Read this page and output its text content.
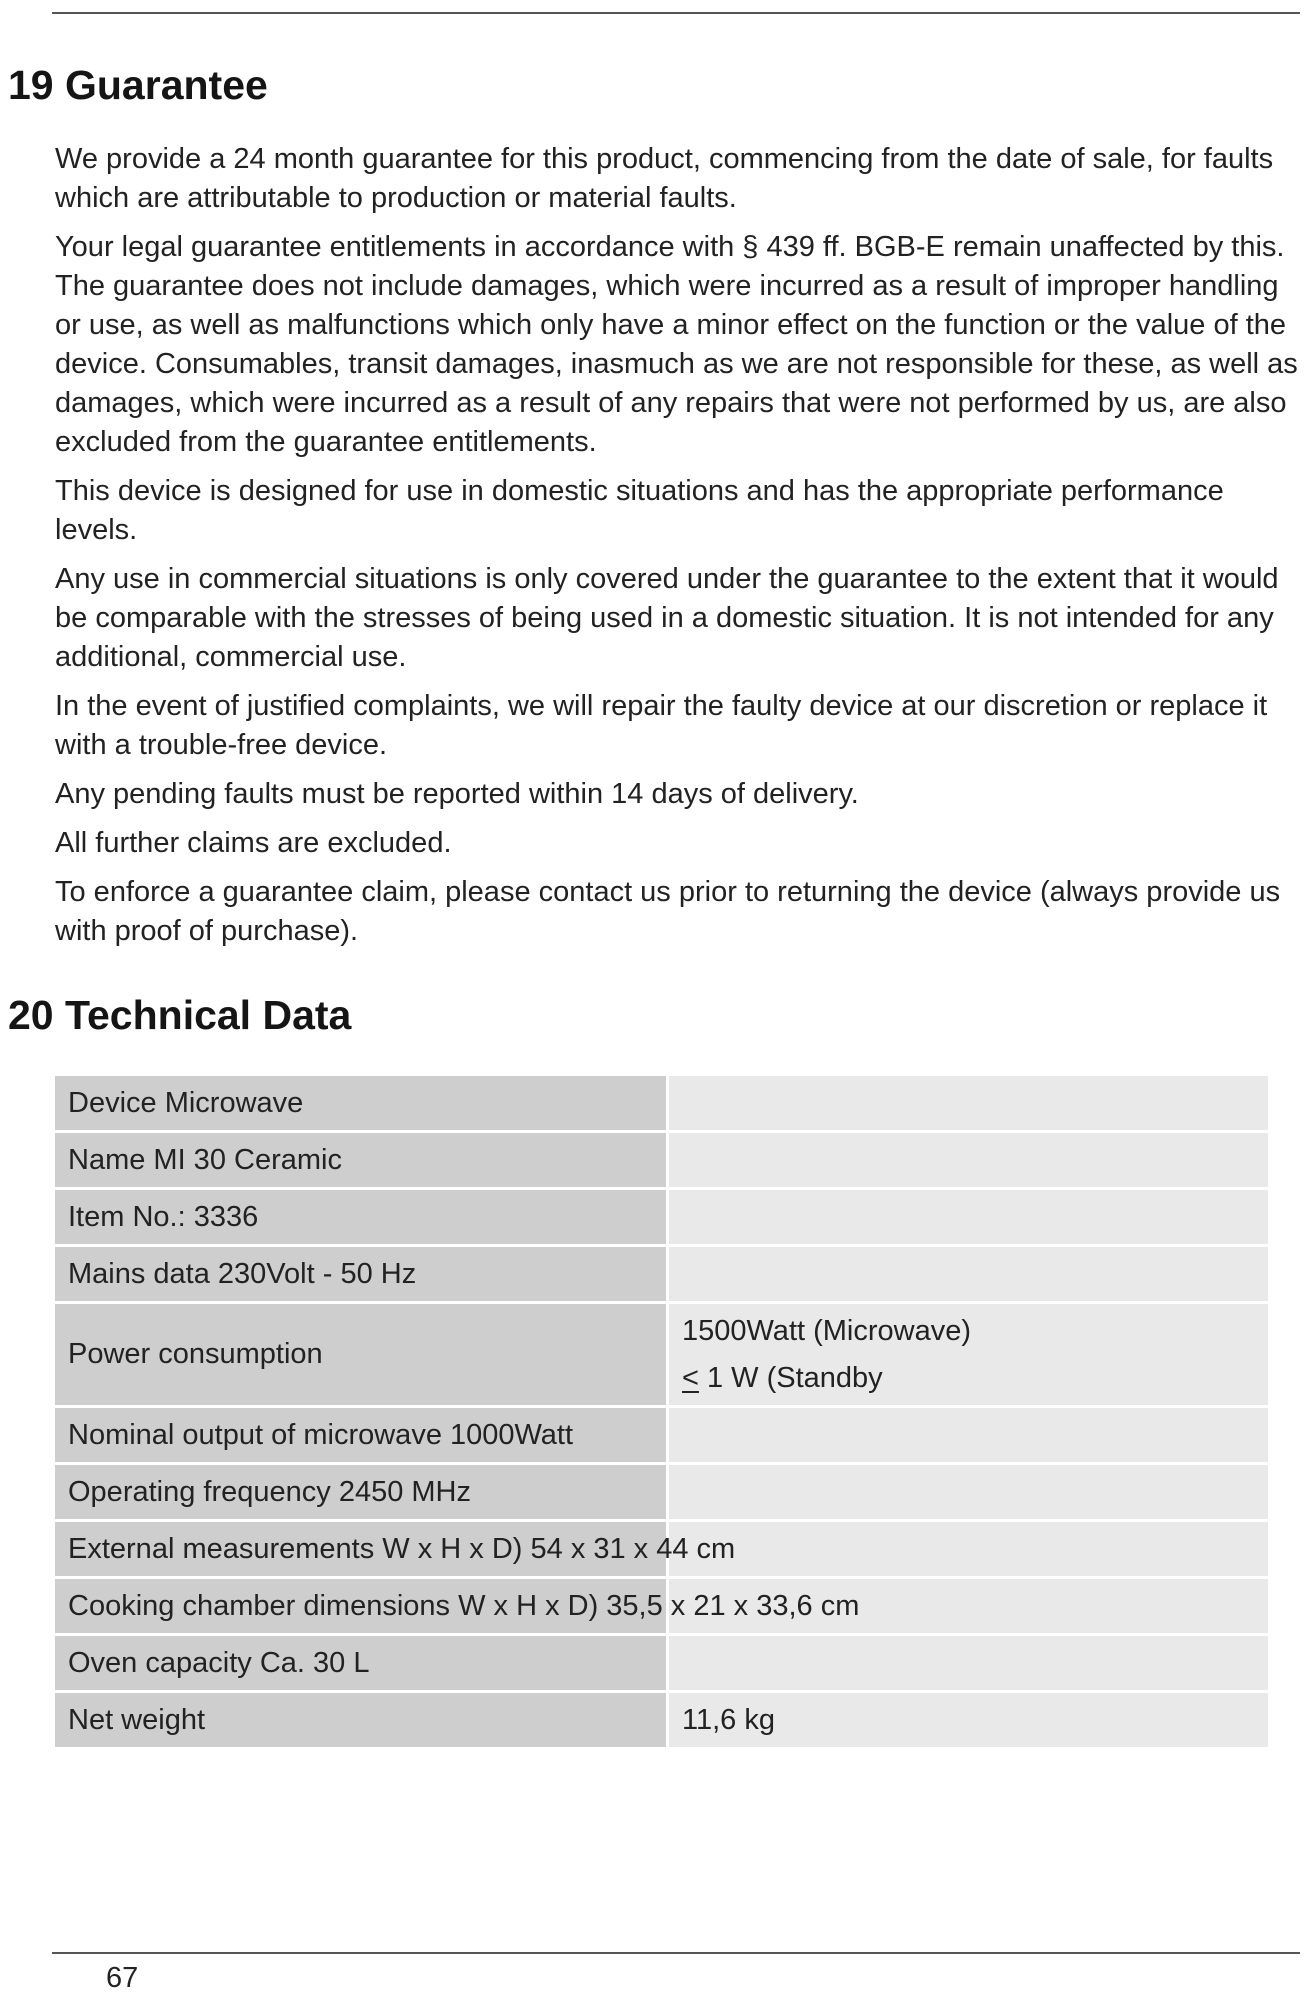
19 Guarantee

We provide a 24 month guarantee for this product, commencing from the date of sale, for faults which are attributable to production or material faults.

Your legal guarantee entitlements in accordance with § 439 ff. BGB-E remain unaffected by this. The guarantee does not include damages, which were incurred as a result of improper handling or use, as well as malfunctions which only have a minor effect on the function or the value of the device. Consumables, transit damages, inasmuch as we are not responsible for these, as well as damages, which were incurred as a result of any repairs that were not performed by us, are also excluded from the guarantee entitlements.

This device is designed for use in domestic situations and has the appropriate performance levels.

Any use in commercial situations is only covered under the guarantee to the extent that it would be comparable with the stresses of being used in a domestic situation. It is not intended for any additional, commercial use.

In the event of justified complaints, we will repair the faulty device at our discretion or replace it with a trouble-free device.

Any pending faults must be reported within 14 days of delivery.

All further claims are excluded.

To enforce a guarantee claim, please contact us prior to returning the device (always provide us with proof of purchase).

20 Technical Data
Device Microwave	
Name MI 30 Ceramic	
Item No.: 3336	
Mains data 230Volt - 50 Hz	
Power consumption	1500Watt (Microwave)
≤ 1 W (Standby

Nominal output of microwave 1000Watt	
Operating frequency 2450 MHz	
External measurements W x H x D) 54 x 31 x 44 cm	
Cooking chamber dimensions W x H x D) 35,5 x 21 x 33,6 cm	
Oven capacity Ca. 30 L	
Net weight	11,6 kg
67
